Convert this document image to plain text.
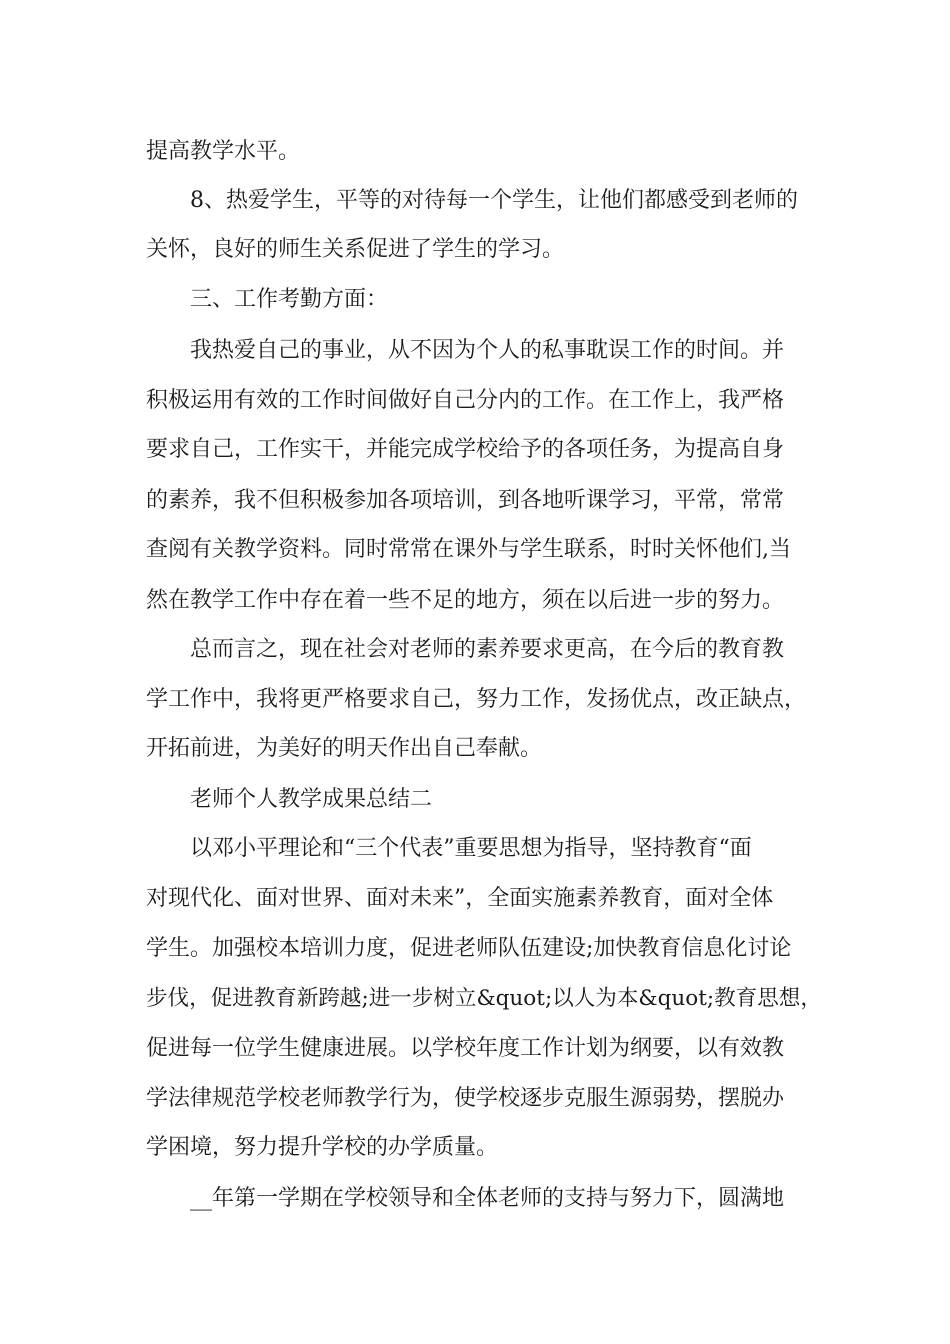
提高教学水平。
8、热爱学生，平等的对待每一个学生，让他们都感受到老师的
关怀，良好的师生关系促进了学生的学习。
三、工作考勤方面：
我热爱自己的事业，从不因为个人的私事耽误工作的时间。并
积极运用有效的工作时间做好自己分内的工作。在工作上，我严格
要求自己，工作实干，并能完成学校给予的各项任务，为提高自身
的素养，我不但积极参加各项培训，到各地听课学习，平常，常常
查阅有关教学资料。同时常常在课外与学生联系，时时关怀他们,当
然在教学工作中存在着一些不足的地方，须在以后进一步的努力。
总而言之，现在社会对老师的素养要求更高，在今后的教育教
学工作中，我将更严格要求自己，努力工作，发扬优点，改正缺点，
开拓前进，为美好的明天作出自己奉献。
老师个人教学成果总结二
以邓小平理论和“三个代表”重要思想为指导，坚持教育“面
对现代化、面对世界、面对未来”，全面实施素养教育，面对全体
学生。加强校本培训力度，促进老师队伍建设;加快教育信息化讨论
步伐，促进教育新跨越;进一步树立&quot;以人为本&quot;教育思想，
促进每一位学生健康进展。以学校年度工作计划为纲要，以有效教
学法律规范学校老师教学行为，使学校逐步克服生源弱势，摆脱办
学困境，努力提升学校的办学质量。
__年第一学期在学校领导和全体老师的支持与努力下，圆满地
